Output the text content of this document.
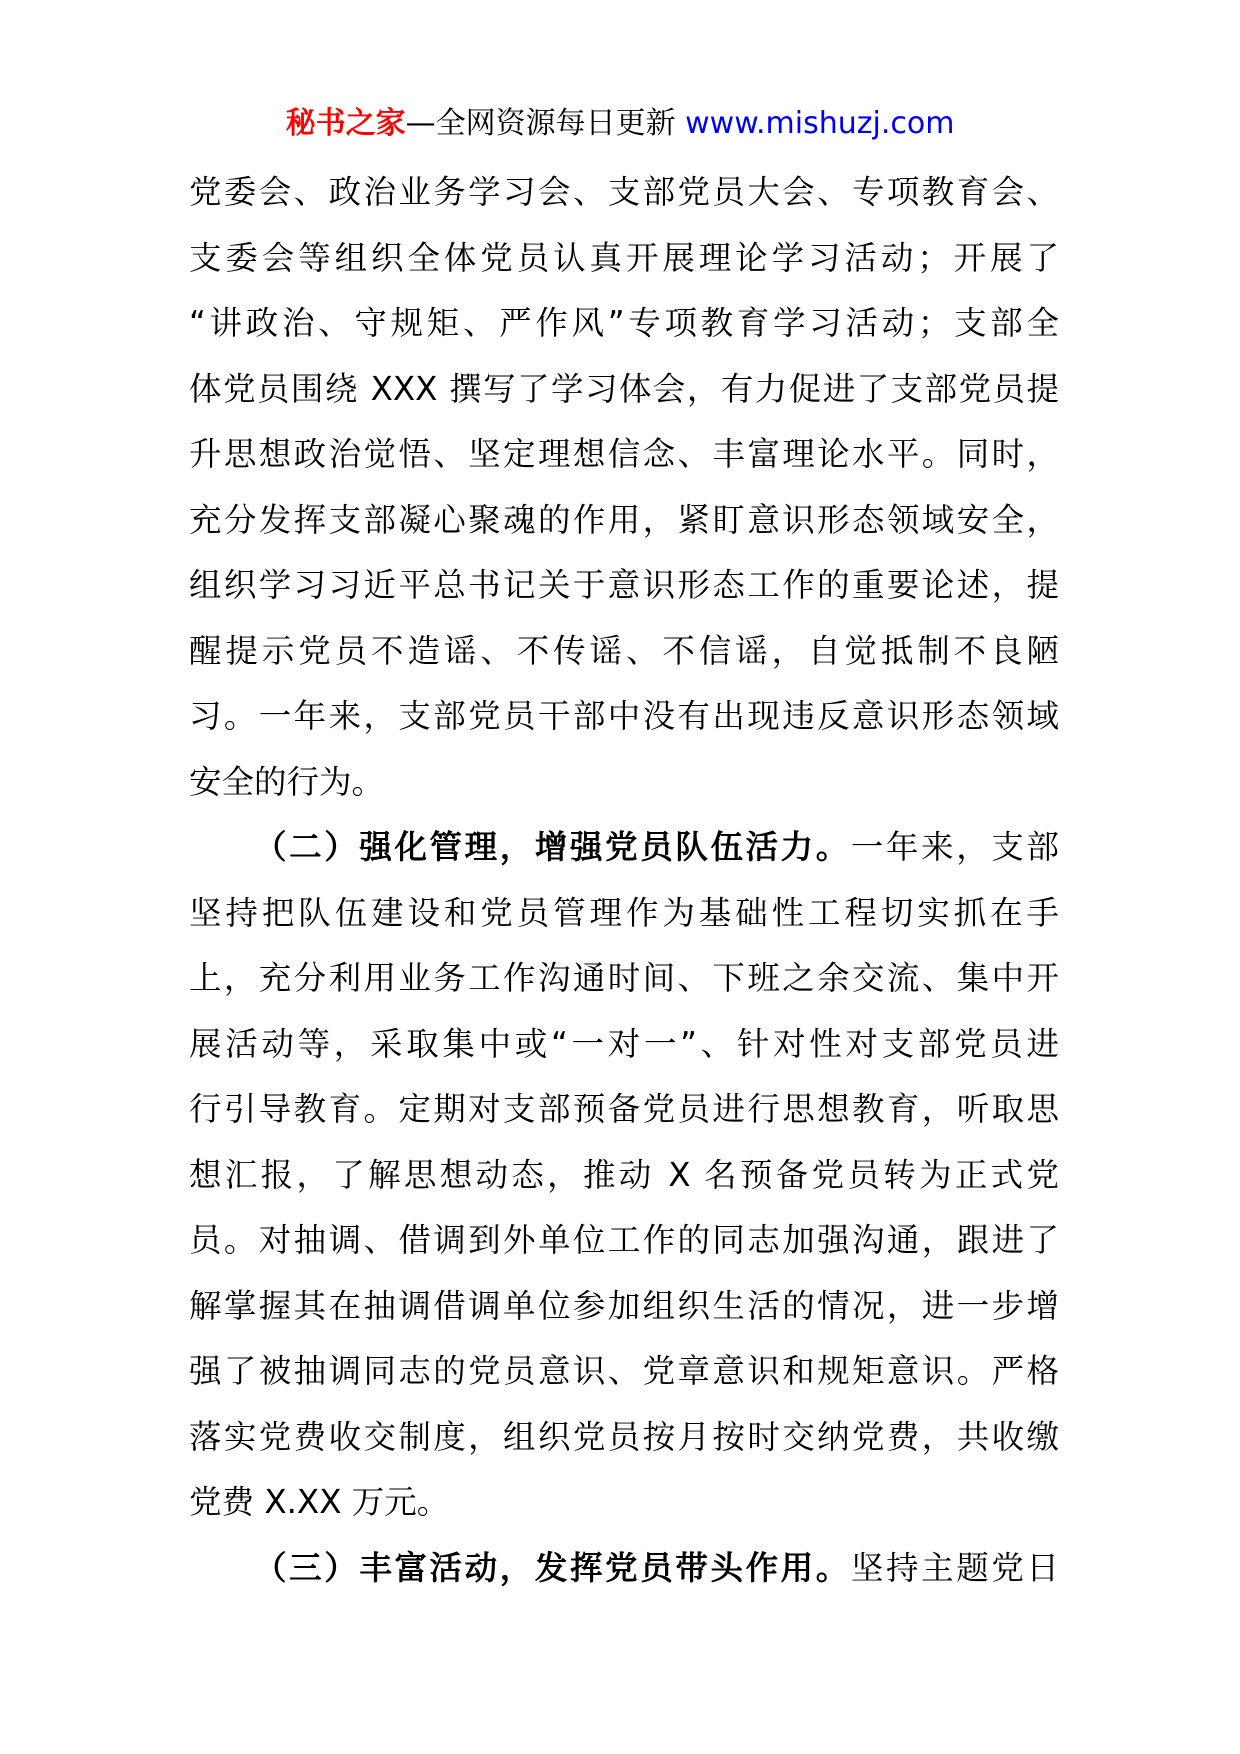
秘书之家—全网资源每日更新 www.mishuzj.com
党委会、政治业务学习会、支部党员大会、专项教育会、
支委会等组织全体党员认真开展理论学习活动；开展了
“讲政治、守规矩、严作风”专项教育学习活动；支部全
体党员围绕 XXX 撰写了学习体会，有力促进了支部党员提
升思想政治觉悟、坚定理想信念、丰富理论水平。同时，
充分发挥支部凝心聚魂的作用，紧盯意识形态领域安全，
组织学习习近平总书记关于意识形态工作的重要论述，提
醒提示党员不造谣、不传谣、不信谣，自觉抵制不良陋
习。一年来，支部党员干部中没有出现违反意识形态领域
安全的行为。
（二）强化管理，增强党员队伍活力。一年来，支部
坚持把队伍建设和党员管理作为基础性工程切实抓在手
上，充分利用业务工作沟通时间、下班之余交流、集中开
展活动等，采取集中或“一对一”、针对性对支部党员进
行引导教育。定期对支部预备党员进行思想教育，听取思
想汇报，了解思想动态，推动 X 名预备党员转为正式党
员。对抽调、借调到外单位工作的同志加强沟通，跟进了
解掌握其在抽调借调单位参加组织生活的情况，进一步增
强了被抽调同志的党员意识、党章意识和规矩意识。严格
落实党费收交制度，组织党员按月按时交纳党费，共收缴
党费 X.XX 万元。
（三）丰富活动，发挥党员带头作用。坚持主题党日
